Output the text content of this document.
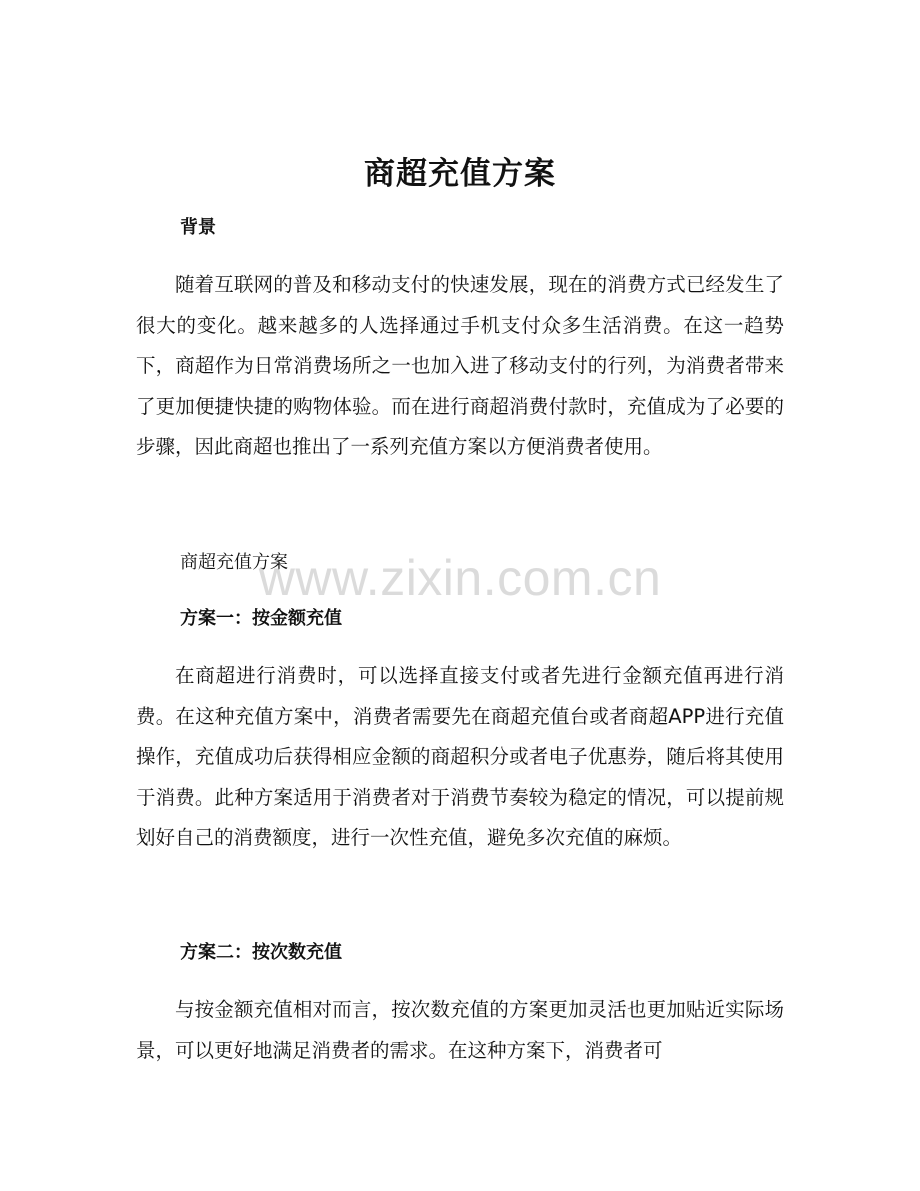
商超充值方案
背景
随着互联网的普及和移动支付的快速发展，现在的消费方式已经发生了很大的变化。越来越多的人选择通过手机支付众多生活消费。在这一趋势下，商超作为日常消费场所之一也加入进了移动支付的行列，为消费者带来了更加便捷快捷的购物体验。而在进行商超消费付款时，充值成为了必要的步骤，因此商超也推出了一系列充值方案以方便消费者使用。
商超充值方案
方案一：按金额充值
在商超进行消费时，可以选择直接支付或者先进行金额充值再进行消费。在这种充值方案中，消费者需要先在商超充值台或者商超APP进行充值操作，充值成功后获得相应金额的商超积分或者电子优惠券，随后将其使用于消费。此种方案适用于消费者对于消费节奏较为稳定的情况，可以提前规划好自己的消费额度，进行一次性充值，避免多次充值的麻烦。
方案二：按次数充值
与按金额充值相对而言，按次数充值的方案更加灵活也更加贴近实际场景，可以更好地满足消费者的需求。在这种方案下，消费者可
www.zixin.com.cn
